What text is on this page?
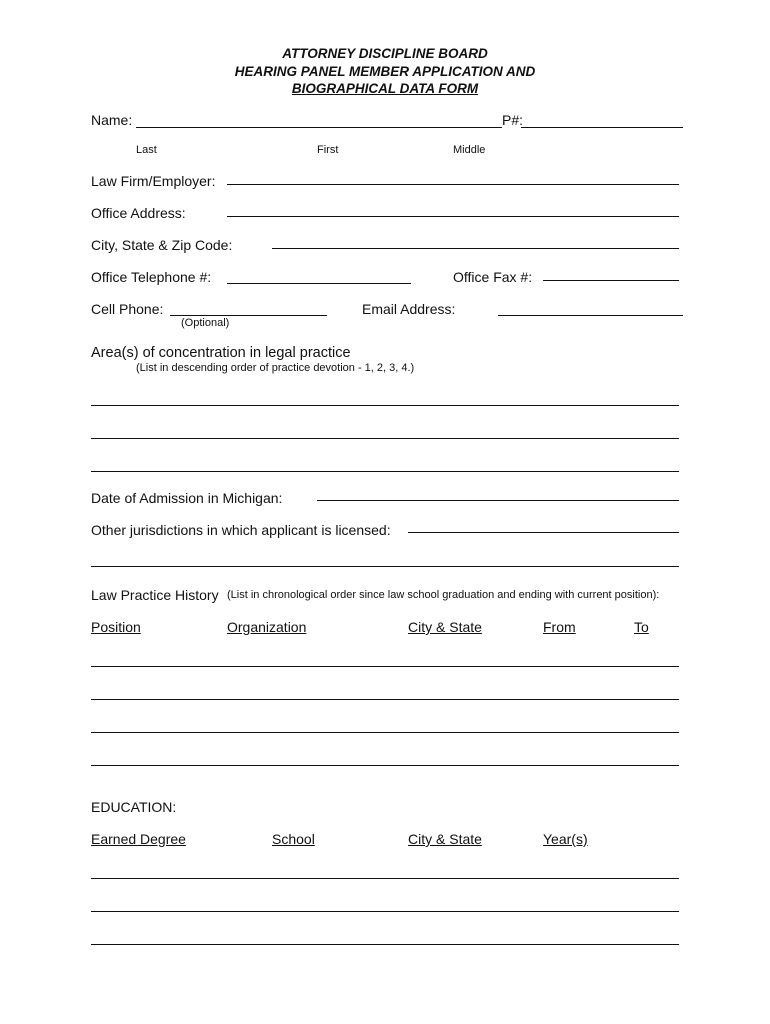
ATTORNEY DISCIPLINE BOARD
HEARING PANEL MEMBER APPLICATION AND
BIOGRAPHICAL DATA FORM
Name:	P#:
Last	First	Middle
Law Firm/Employer:
Office Address:
City, State & Zip Code:
Office Telephone #:	Office Fax #:
Cell Phone:
(Optional)
Email Address:
Area(s) of concentration in legal practice
(List in descending order of practice devotion - 1, 2, 3, 4.)
Date of Admission in Michigan:
Other jurisdictions in which applicant is licensed:
Law Practice History (List in chronological order since law school graduation and ending with current position):
Position	Organization	City & State	From	To
EDUCATION:
Earned Degree	School	City & State	Year(s)
